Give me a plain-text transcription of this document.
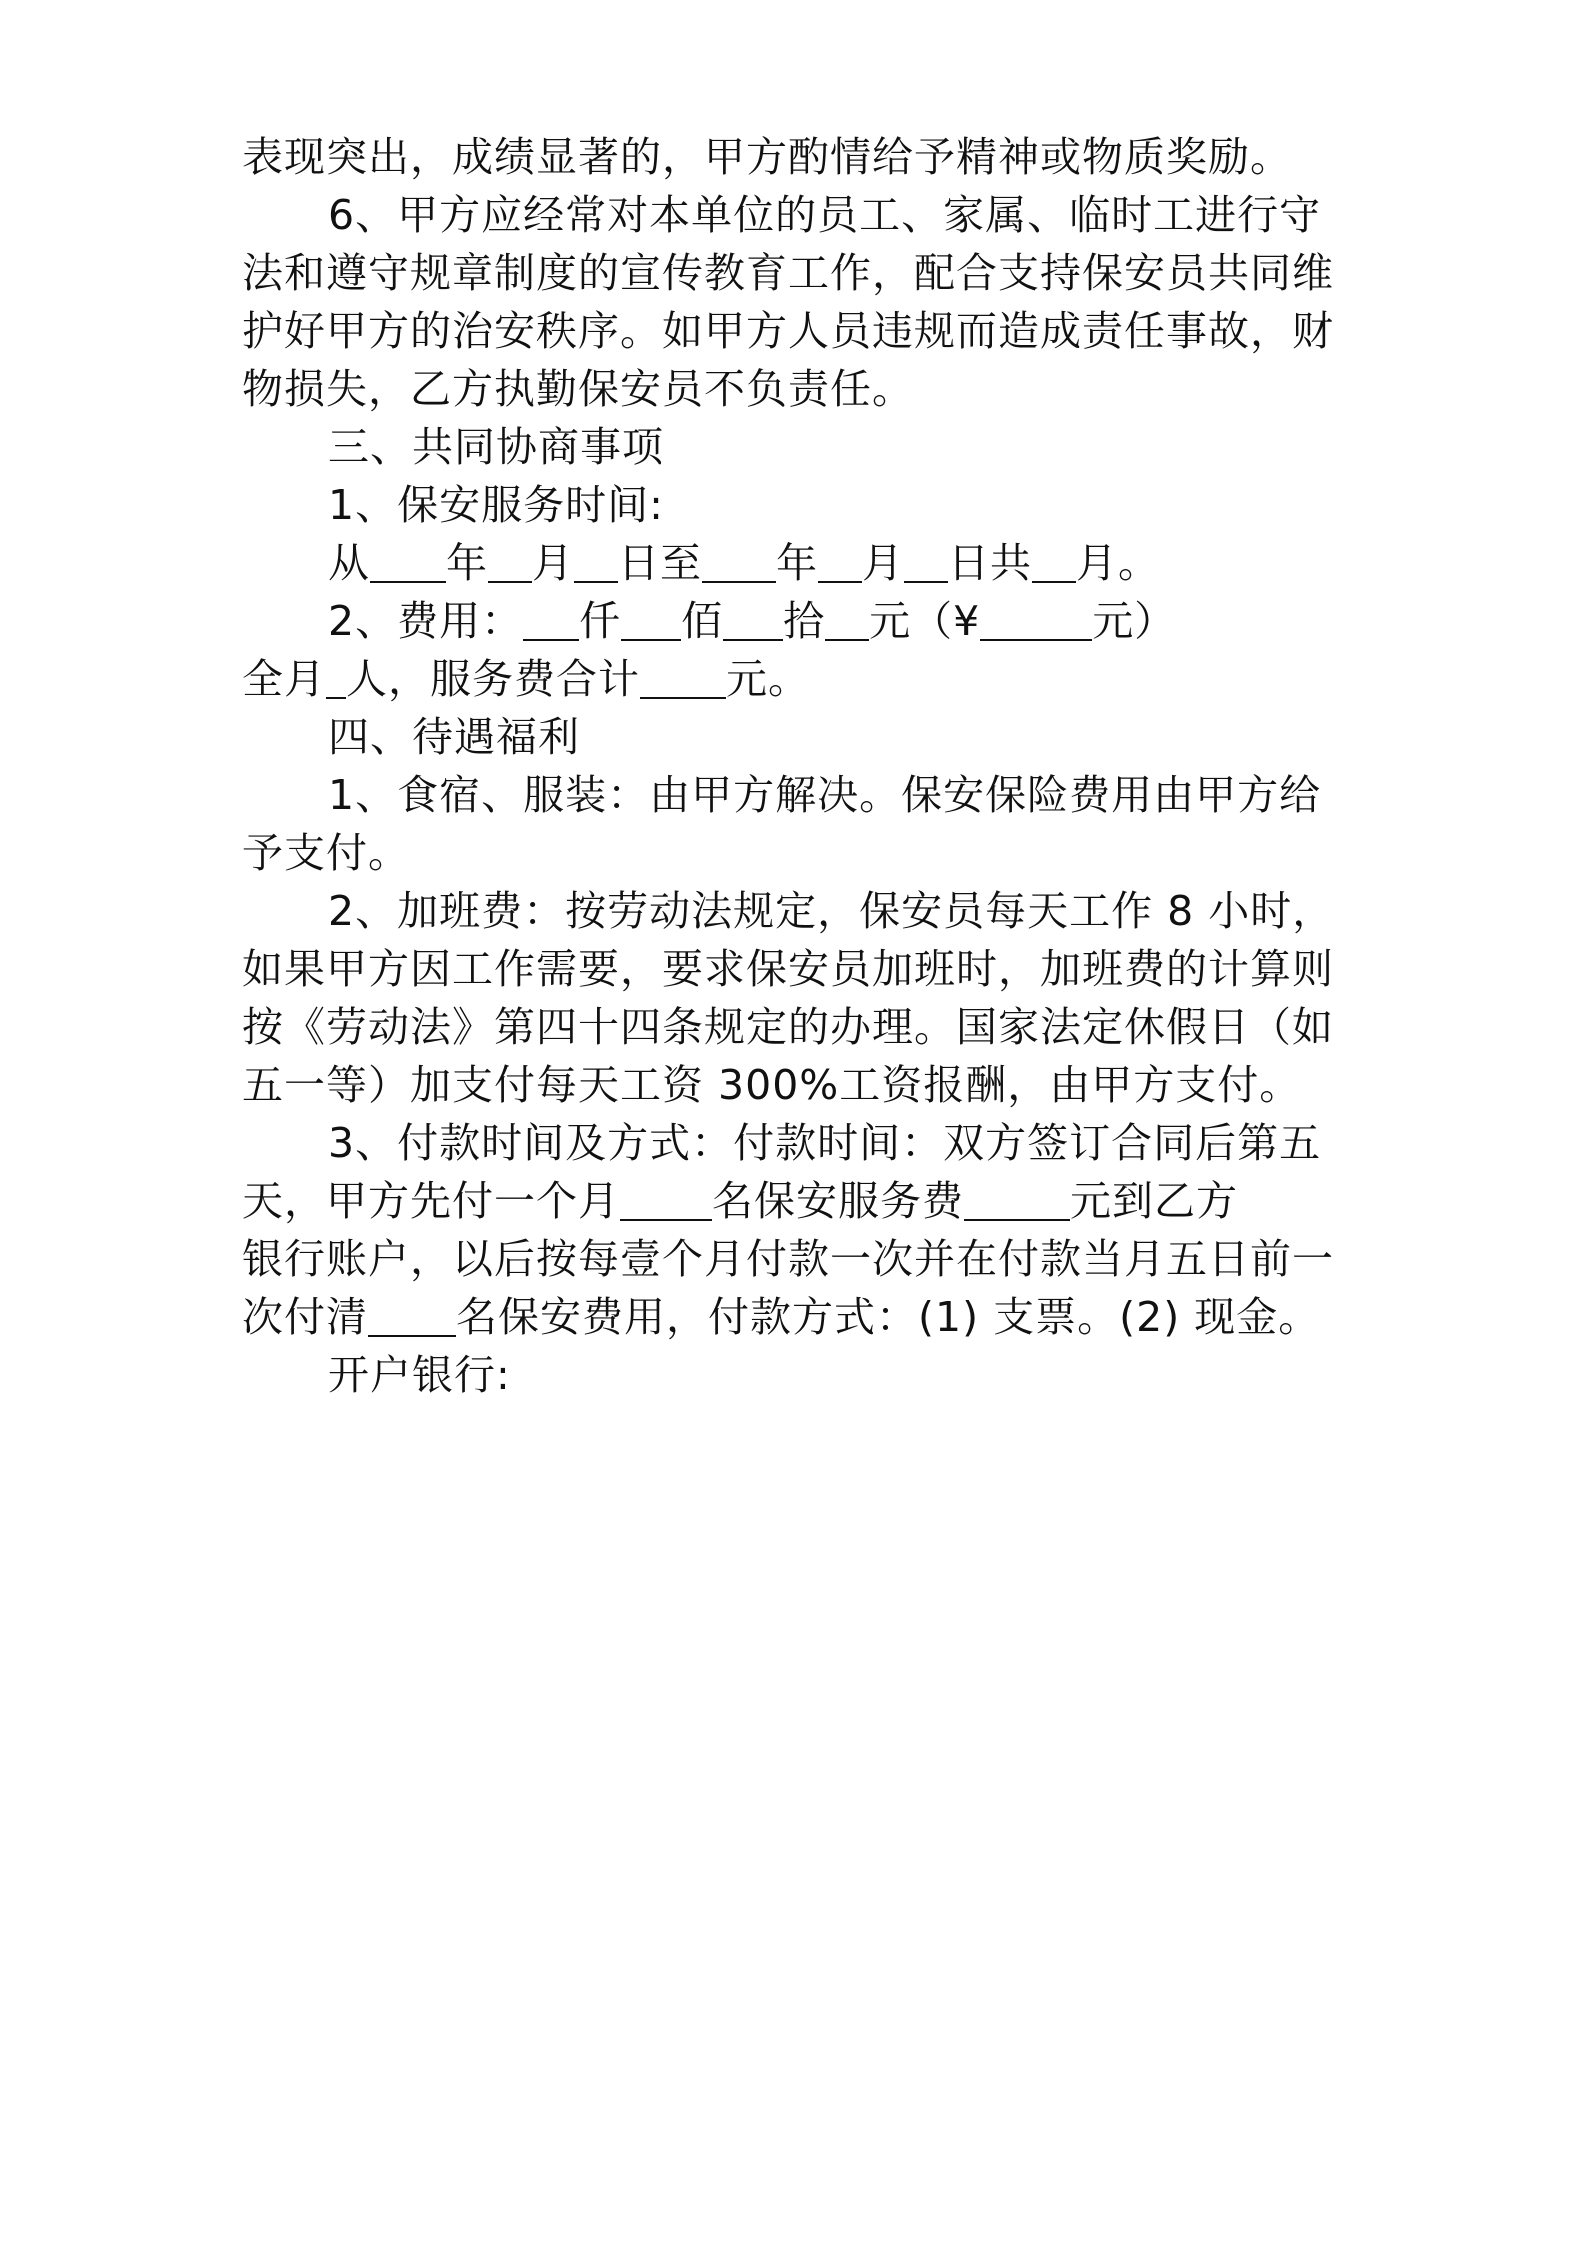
表现突出，成绩显著的，甲方酌情给予精神或物质奖励。
6、甲方应经常对本单位的员工、家属、临时工进行守
法和遵守规章制度的宣传教育工作，配合支持保安员共同维
护好甲方的治安秩序。如甲方人员违规而造成责任事故，财
物损失，乙方执勤保安员不负责任。
三、共同协商事项
1、保安服务时间:
从 年 月 日至 年 月 日共 月。
2、费用： 仟 佰 拾 元（¥	元）
全月 人，服务费合计 元。
四、待遇福利
1、食宿、服装：由甲方解决。保安保险费用由甲方给
予支付。
2、加班费：按劳动法规定，保安员每天工作 8 小时，
如果甲方因工作需要，要求保安员加班时，加班费的计算则
按《劳动法》第四十四条规定的办理。国家法定休假日（如
五一等）加支付每天工资 300%工资报酬，由甲方支付。
3、付款时间及方式：付款时间：双方签订合同后第五
天，甲方先付一个月 名保安服务费	元到乙方
银行账户，以后按每壹个月付款一次并在付款当月五日前一
次付清 名保安费用，付款方式：(1) 支票。(2) 现金。
开户银行:
